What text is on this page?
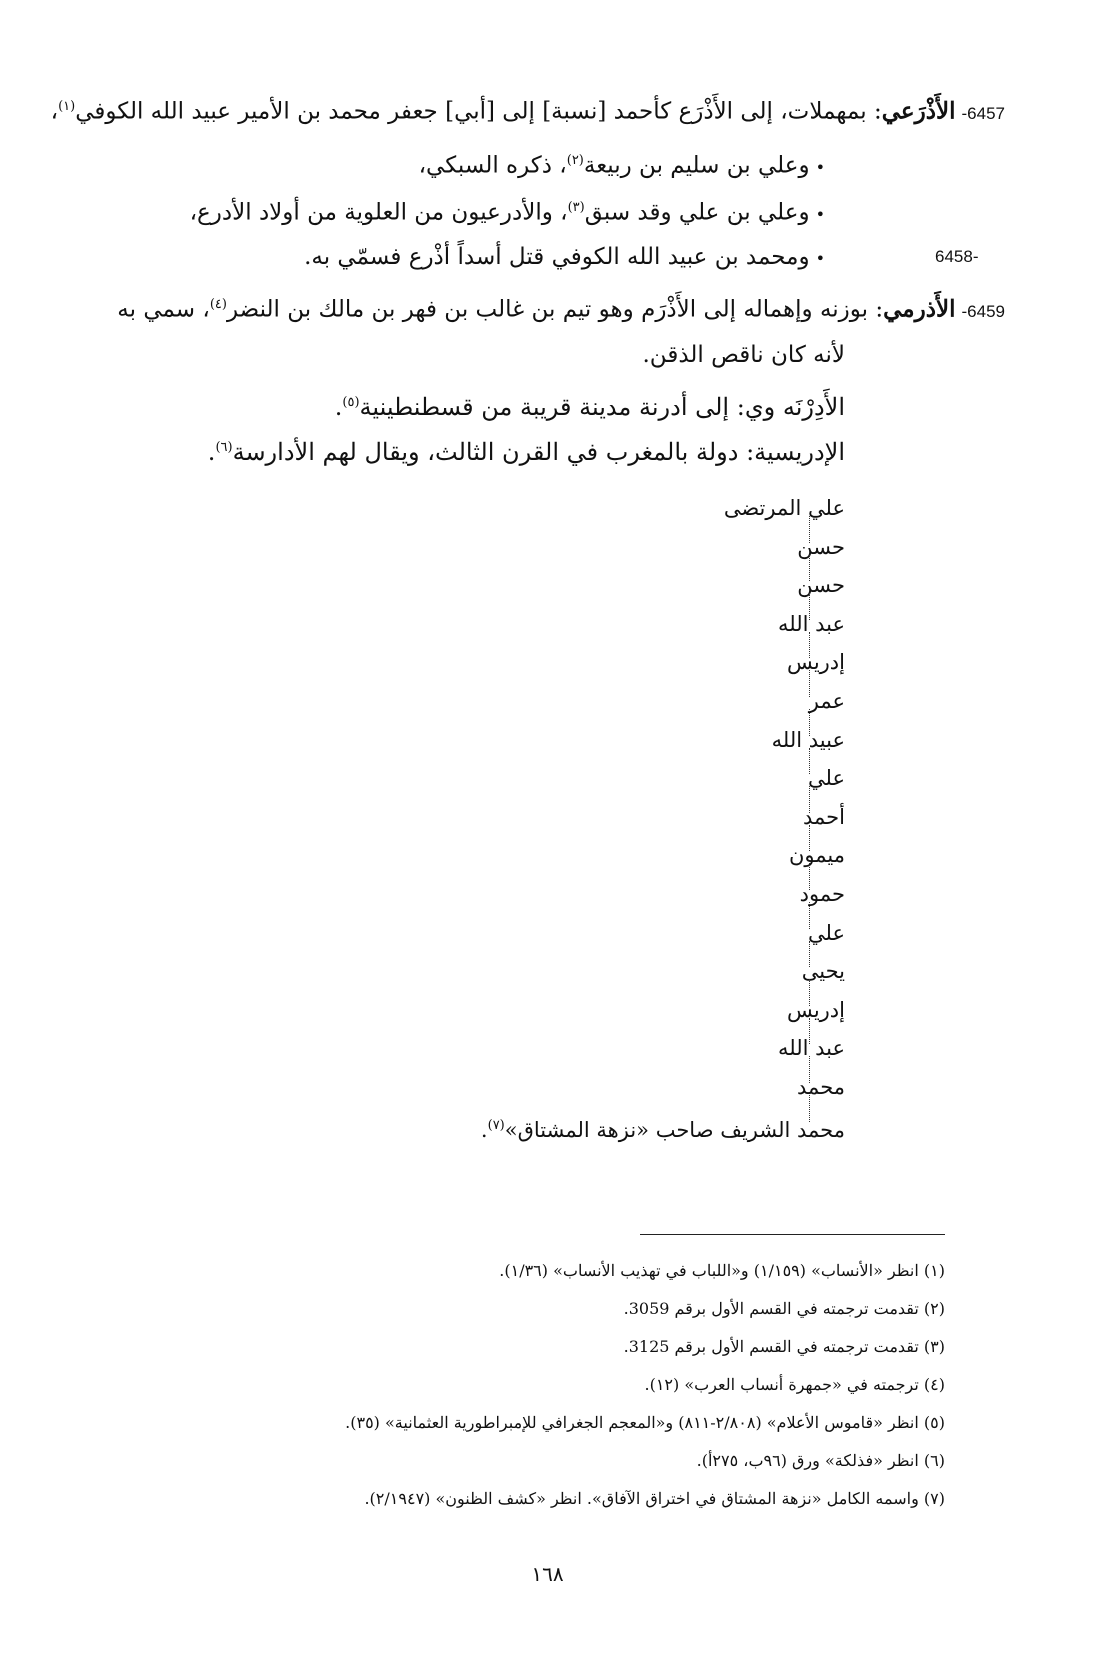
6457-الأَذْرَعي: بمهملات، إلى الأَذْرَع كأحمد [نسبة] إلى [أبي] جعفر محمد بن الأمير عبيد الله الكوفي$^{(١)}$،
•وعلي بن سليم بن ربيعة$^{(٢)}$، ذكره السبكي،
•وعلي بن علي وقد سبق$^{(٣)}$، والأدرعيون من العلوية من أولاد الأدرع،
•ومحمد بن عبيد الله الكوفي قتل أسداً أذْرع فسمّي به.	6458-
6459-الأَذرمي: بوزنه وإهماله إلى الأَذْرَم وهو تيم بن غالب بن فهر بن مالك بن النضر$^{(٤)}$، سمي به
لأنه كان ناقص الذقن.
الأَدِرْنَه وي: إلى أدرنة مدينة قريبة من قسطنطينية$^{(٥)}$.
الإدريسية: دولة بالمغرب في القرن الثالث، ويقال لهم الأدارسة$^{(٦)}$.
علي المرتضى
حسن
حسن
عبد الله
إدريس
عمر
عبيد الله
علي
أحمد
ميمون
حمود
علي
يحيى
إدريس
عبد الله
محمد
محمد الشريف صاحب «نزهة المشتاق»$^{(٧)}$.
(١) انظر «الأنساب» (١/١٥٩) و«اللباب في تهذيب الأنساب» (١/٣٦).
(٢) تقدمت ترجمته في القسم الأول برقم 3059.
(٣) تقدمت ترجمته في القسم الأول برقم 3125.
(٤) ترجمته في «جمهرة أنساب العرب» (١٢).
(٥) انظر «قاموس الأعلام» (٢/٨٠٨-٨١١) و«المعجم الجغرافي للإمبراطورية العثمانية» (٣٥).
(٦) انظر «فذلكة» ورق (٩٦ب، ٢٧٥أ).
(٧) واسمه الكامل «نزهة المشتاق في اختراق الآفاق». انظر «كشف الظنون» (٢/١٩٤٧).
١٦٨
